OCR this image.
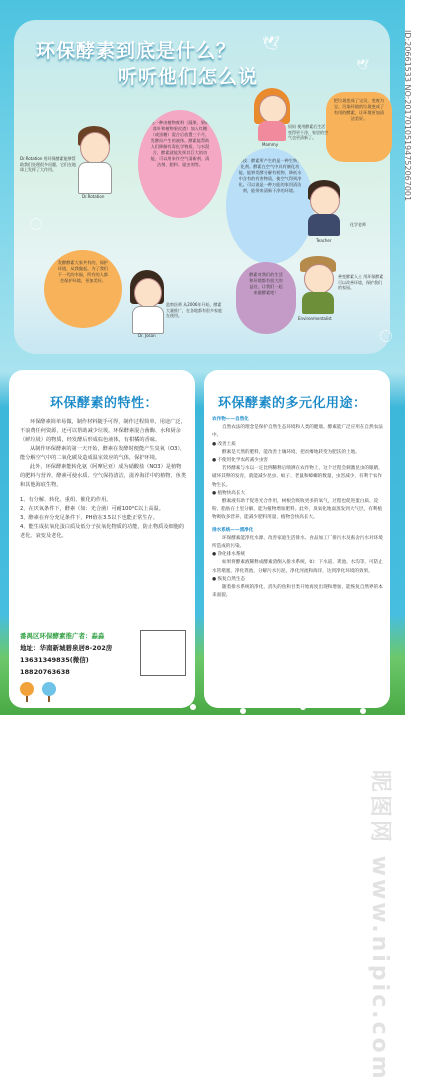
环保酵素到底是什么？
听听他们怎么说
🕊
🕊
这一种由植物废料（蔬果、果树落叶和植物果皮渣）加入红糖（或黑糖）混合后放置三个月，发酵而产生的液体。酵素能帮助人们降解有毒化学物质，与水混合，酵素就能发挥其巨大的功能，可以用来作空气清新剂、清洁剂、肥料、驱虫剂等。
科技：酵素所产生的是一种生物催化剂。酵素在空气中具有催化功能，能够发酵分解有机物，降低水中含有的有害物质，使空气得到净化。可以说是一种万能的家用清洁剂，能带来清新干净的环境。
把垃圾变成了宝贝，变废为宝。污染环境的垃圾变成了有用的酵素，让环境更加清洁美好。
发酵酵素大家共有的，保护环境，从我做起。为了我们下一代的幸福，所有的人都会保护环境，更加美好。
酵素对我们的生活和环境都有很大的益处，让我们一起来做酵素吧！
Dr.Rotation
Dr.Rotation 用环保酵素能够帮助我们处理很多问题，它们在地球上发挥了大作用。
Mommy
妈妈 使用酵素后生活变得更干净，家里的空气也更清新了。
Teacher
化学老师
Dr. Josan
监察医师 从2006年开始，酵素大量推广，在各地都有很多家庭在使用。
Environmentalist
善变酵素人士 用环保酵素可以改善环境，保护我们的家园。
环保酵素的特性：

环保酵素简单易做，制作材料随手可得，制作过程简单，用途广泛，不浪费任何资源，还可以帮助减少垃圾。环保酵素混合菌酶、水和厨余（鲜垃圾）的物质，经发酵后形成棕色液体，有柑橘的香味。

从制作环保酵素的第一天开始，酵素在发酵时便能产生臭氧（O3），能分解空气中的二氧化碳及造成温室效应的气体，保护环境。

此外，环保酵素能转化氨（阿摩尼亚）成为硝酸盐（NO3）是植物的肥料与营养，酵素可使水质、空气保持清洁，滋养海洋中的植物、鱼类和其他海底生物。

1、有分解、转化、重组、催化的作用。
2、在厌氧条件下，酵素（如：光合菌）可耐100°C以上高温。
3、酵素在弃分充足条件下，PH值在3.5以下也能正常生存。
4、能生成抗氧化蛋白质及低分子抗氧化物质的功能，防止物质及细胞的老化、衰变及老化。
番禺区环保酵素推广者：淼淼
地址：华南新城碧泉居8-202房
13631349835(微信)
18820763638
环保酵素的多元化用途：
农作物——自然化

自然农法的理念是保护自然生态环境和人类的健康。酵素能广泛应用在自然农法中。

● 改善土质

酵素是天然的肥料，能改善土壤环境，把贫瘠地转变为肥沃的土地。

● 不使用化学农药减少虫害

若将酵素与水以一定比例稀释后喷洒在农作物上，这个过程会刺激昆虫的眼睛，破坏其卵的发育，就能减少昆虫、蚊子、老鼠和蟑螂的数量，虫害减少，有利于农作物生长。

● 植物快高长大

酵素液有助于促进光合作用，树根会吸收更多的氧气，过程也促进蛋白质、淀粉、脂肪在土里分解，能为植物增加肥料。此外，臭氧化地面蒸发到大气层，有利植物吸收多营养，能减少肥料用量，植物会快高长大。

排水系统——清净化

环保酵素能净化水源，改善家庭生活排水、食品加工厂排污水及畜舍污水对环境所造成的污染。

● 净化排水系统

如果将酵素液稀释成酵素渣倒入排水系统，如：下水道、粪池、水沟等，可防止水管堵塞，净化粪池，分解污水污泥，净化河流和海洋，达到净化环境的效果。

● 恢复自然生态

随着排水系统的净化，消失的鱼和甘类开始再度出现和增加，能恢复自然界的本来面貌。

ID:20661533 NO:20170105194752067001
昵图网 www.nipic.com
